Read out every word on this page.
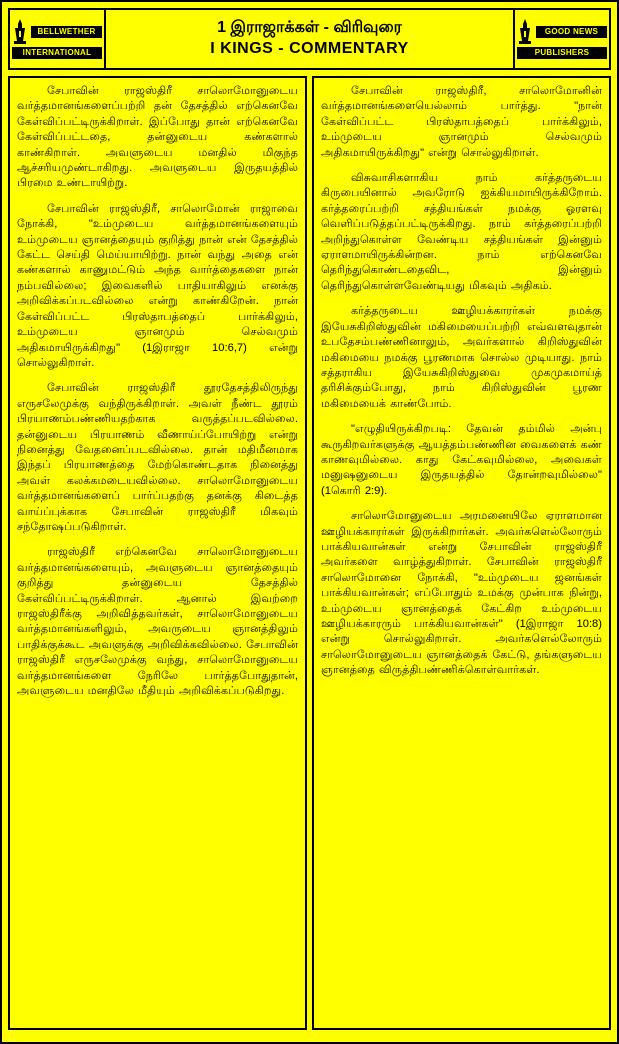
BELLWETHER
INTERNATIONAL
1 இராஜாக்கள் - விரிவுரை
I KINGS - COMMENTARY
GOOD NEWS
PUBLISHERS

சேபாவின் ராஜஸ்திரீ சாலொமோனுடைய வர்த்தமானங்களைப்பற்றி தன் தேசத்தில் எற்கெனவே கேள்விப்பட்டிருக்கிறாள். இப்போது தான் எற்கெனவே கேள்விப்பட்டதை, தன்னுடைய கண்களால் காண்கிறாள். அவளுடைய மனதில் மிகுந்த ஆச்சரியமுண்டாகிறது. அவளுடைய இருதயத்தில் பிரமை உண்டாயிற்று.

சேபாவின் ராஜஸ்திரீ, சாலொமோன் ராஜாவை நோக்கி, "உம்முடைய வர்த்தமானங்களையும் உம்முடைய ஞானத்தையும் குறித்து நான் என் தேசத்தில் கேட்ட செய்தி மெய்யாயிற்று. நான் வந்து அதை என் கண்களால் காணுமட்டும் அந்த வார்த்தைகளை நான் நம்பவில்லை; இவைகளில் பாதியாகிலும் எனக்கு அறிவிக்கப்படவில்லை என்று காண்கிறேன். நான் கேள்விப்பட்ட பிரஸ்தாபத்தைப் பார்க்கிலும், உம்முடைய ஞானமும் செல்வமும் அதிகமாயிருக்கிறது" (1இராஜா 10:6,7) என்று சொல்லுகிறாள்.

சேபாவின் ராஜஸ்திரீ தூரதேசத்திலிருந்து எருசலேமுக்கு வந்திருக்கிறாள். அவள் நீண்ட தூரம் பிரயாணம்பண்ணியதற்காக வருத்தப்படவில்லை. தன்னுடைய பிரயாணம் வீணாய்ப்போயிற்று என்று நினைத்து வேதனைப்படவில்லை. தான் மதிமீனமாக இந்தப் பிரயாணத்தை மேற்கொண்டதாக நினைத்து அவள் கலக்கமடையவில்லை. சாலொமோனுடைய வர்த்தமானங்களைப் பார்ப்பதற்கு தனக்கு கிடைத்த வாய்ப்புக்காக சேபாவின் ராஜஸ்திரீ மிகவும் சந்தோஷப்படுகிறாள்.

ராஜஸ்திரீ எற்கெனவே சாலொமோனுடைய வர்த்தமானங்களையும், அவளுடைய ஞானத்தையும் குறித்து தன்னுடைய தேசத்தில் கேள்விப்பட்டிருக்கிறாள். ஆனால் இவற்றை ராஜஸ்திரீக்கு அறிவித்தவர்கள், சாலொமோனுடைய வர்த்தமானங்களிலும், அவருடைய ஞானத்திலும் பாதிக்குக்கூட அவளுக்கு அறிவிக்கவில்லை. சேபாவின் ராஜஸ்திரீ எருசலேமுக்கு வந்து, சாலொமோனுடைய வர்த்தமானங்களை நேரிலே பார்த்தபோதுதான், அவளுடைய மனதிலே மீதியும் அறிவிக்கப்படுகிறது.

சேபாவின் ராஜஸ்திரீ, சாலொமோனின் வர்த்தமானங்களையெல்லாம் பார்த்து. "நான் கேள்விப்பட்ட பிரஸ்தாபத்தைப் பார்க்கிலும், உம்முடைய ஞானமும் செல்வமும் அதிகமாயிருக்கிறது" என்று சொல்லுகிறாள்.

விசுவாசிகளாகிய நாம் கர்த்தருடைய கிருபையினால் அவரோடு ஐக்கியமாயிருக்கிறோம். கர்த்தரைப்பற்றி சத்தியங்கள் நமக்கு ஓரளவு வெளிப்படுத்தப்பட்டிருக்கிறது. நாம் கர்த்தரைப்பற்றி அறிந்துகொள்ள வேண்டிய சத்தியங்கள் இன்னும் ஏராளமாயிருக்கின்றன. நாம் எற்கெனவே தெரிந்துகொண்டதைவிட, இன்னும் தெரிந்துகொள்ளவேண்டியது மிகவும் அதிகம்.

கர்த்தருடைய ஊழியக்காரர்கள் நமக்கு இயேசுகிறிஸ்துவின் மகிமையைப்பற்றி எவ்வளவுதான் உபதேசம்பண்ணினாலும், அவர்களால் கிறிஸ்துவின் மகிமையை நமக்கு பூரணமாக சொல்ல முடியாது. நாம் சத்தராகிய இயேசுகிறிஸ்துவை முகமுகமாய்த் தரிசிக்கும்போது, நாம் கிறிஸ்துவின் பூரண மகிமையைக் காண்போம்.

"எழுதியிருக்கிறபடி: தேவன் தம்மில் அன்பு கூருகிறவர்களுக்கு ஆயத்தம்பண்ணின வைகளைக் கண் காணவுமில்லை. காது கேட்கவுமில்லை, அவைகள் மனுஷனுடைய இருதயத்தில் தோன்றவுமில்லை" (1கொரி 2:9).

சாலொமோனுடைய அரமனையிலே ஏராளமான ஊழியக்காரர்கள் இருக்கிறார்கள். அவர்களெல்லோரும் பாக்கியவான்கள் என்று சேபாவின் ராஜஸ்திரீ அவர்களை வாழ்த்துகிறாள். சேபாவின் ராஜஸ்திரீ சாலொமோனை நோக்கி, "உம்முடைய ஜனங்கள் பாக்கியவான்கள்; எப்போதும் உமக்கு முன்பாக நின்று, உம்முடைய ஞானத்தைக் கேட்கிற உம்முடைய ஊழியக்காரரும் பாக்கியவான்கள்" (1இராஜா 10:8) என்று சொல்லுகிறாள். அவர்களெல்லோரும் சாலொமோனுடைய ஞானத்தைக் கேட்டு, தங்களுடைய ஞானத்தை விருத்திபண்ணிக்கொள்வார்கள்.
